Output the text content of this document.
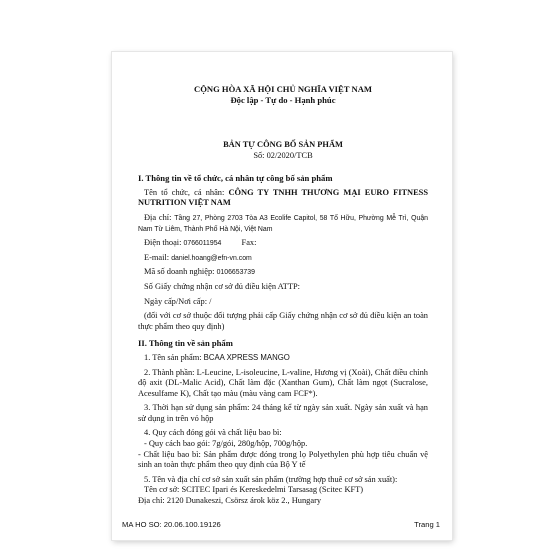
CỘNG HÒA XÃ HỘI CHỦ NGHĨA VIỆT NAM

Độc lập - Tự do - Hạnh phúc

BẢN TỰ CÔNG BỐ SẢN PHẨM

Số: 02/2020/TCB

I. Thông tin về tổ chức, cá nhân tự công bố sản phẩm

Tên tổ chức, cá nhân: CÔNG TY TNHH THƯƠNG MẠI EURO FITNESS NUTRITION VIỆT NAM

Địa chỉ: Tầng 27, Phòng 2703 Tòa A3 Ecolife Capitol, 58 Tố Hữu, Phường Mễ Trì, Quận Nam Từ Liêm, Thành Phố Hà Nội, Việt Nam

Điện thoại: 0766011954 Fax:

E-mail: daniel.hoang@efn-vn.com

Mã số doanh nghiệp: 0106653739

Số Giấy chứng nhận cơ sở đủ điều kiện ATTP:

Ngày cấp/Nơi cấp: /

(đối với cơ sở thuộc đối tượng phải cấp Giấy chứng nhận cơ sở đủ điều kiện an toàn thực phẩm theo quy định)

II. Thông tin về sản phẩm

1. Tên sản phẩm: BCAA XPRESS MANGO

2. Thành phần: L-Leucine, L-isoleucine, L-valine, Hương vị (Xoài), Chất điều chỉnh độ axit (DL-Malic Acid), Chất làm đặc (Xanthan Gum), Chất làm ngọt (Sucralose, Acesulfame K), Chất tạo màu (màu vàng cam FCF*).

3. Thời hạn sử dụng sản phẩm: 24 tháng kể từ ngày sản xuất. Ngày sản xuất và hạn sử dụng in trên vỏ hộp

4. Quy cách đóng gói và chất liệu bao bì:

- Quy cách bao gói: 7g/gói, 280g/hộp, 700g/hộp.

- Chất liệu bao bì: Sản phẩm được đóng trong lọ Polyethylen phù hợp tiêu chuẩn vệ sinh an toàn thực phẩm theo quy định của Bộ Y tế

5. Tên và địa chỉ cơ sở sản xuất sản phẩm (trường hợp thuê cơ sở sản xuất):

Tên cơ sở: SCITEC Ipari és Kereskedelmi Tarsasag (Scitec KFT)

Địa chỉ: 2120 Dunakeszi, Csörsz árok köz 2., Hungary

MA HO SO: 20.06.100.19126	Trang 1
